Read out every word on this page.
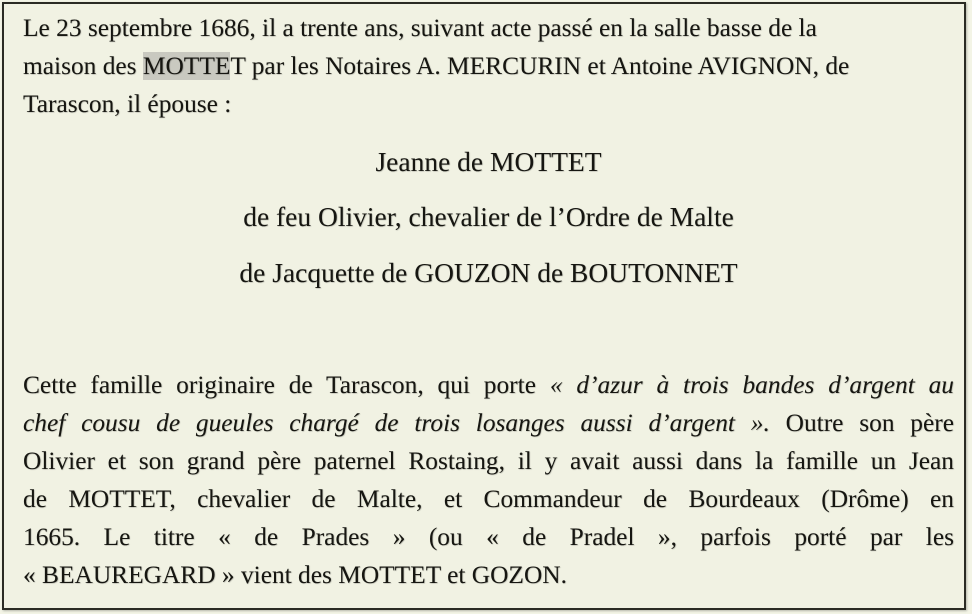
Le 23 septembre 1686, il a trente ans, suivant acte passé en la salle basse de la
maison des MOTTET par les Notaires A. MERCURIN et Antoine AVIGNON, de
Tarascon, il épouse :

Jeanne de MOTTET

de feu Olivier, chevalier de l’Ordre de Malte

de Jacquette de GOUZON de BOUTONNET

Cette famille originaire de Tarascon, qui porte « d’azur à trois bandes d’argent au
chef cousu de gueules chargé de trois losanges aussi d’argent ». Outre son père
Olivier et son grand père paternel Rostaing, il y avait aussi dans la famille un Jean
de MOTTET, chevalier de Malte, et Commandeur de Bourdeaux (Drôme) en
1665. Le titre « de Prades » (ou « de Pradel », parfois porté par les
« BEAUREGARD » vient des MOTTET et GOZON.
